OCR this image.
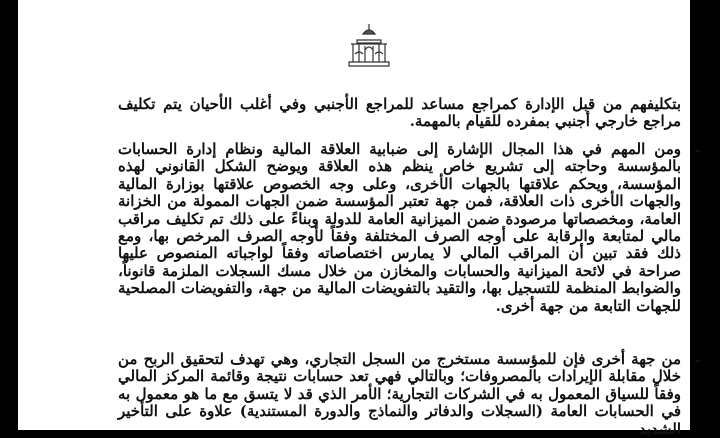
بتكليفهم من قبل الإدارة كمراجع مساعد للمراجع الأجنبي وفي أغلب الأحيان يتم تكليف مراجع خارجي أجنبي بمفرده للقيام بالمهمة.

-

ومن المهم في هذا المجال الإشارة إلى ضبابية العلاقة المالية ونظام إدارة الحسابات بالمؤسسة وحاجته إلى تشريع خاص ينظم هذه العلاقة ويوضح الشكل القانوني لهذه المؤسسة، ويحكم علاقتها بالجهات الأخرى، وعلى وجه الخصوص علاقتها بوزارة المالية والجهات الأخرى ذات العلاقة، فمن جهة تعتبر المؤسسة ضمن الجهات الممولة من الخزانة العامة، ومخصصاتها مرصودة ضمن الميزانية العامة للدولة وبناءً على ذلك تم تكليف مراقب مالي لمتابعة والرقابة على أوجه الصرف المختلفة وفقاً لأوجه الصرف المرخص بها، ومع ذلك فقد تبين أن المراقب المالي لا يمارس اختصاصاته وفقاً لواجباته المنصوص عليها صراحة في لائحة الميزانية والحسابات والمخازن من خلال مسك السجلات الملزمة قانوناً، والضوابط المنظمة للتسجيل بها، والتقيد بالتفويضات المالية من جهة، والتفويضات المصلحية للجهات التابعة من جهة أخرى.

-

من جهة أخرى فإن للمؤسسة مستخرج من السجل التجاري، وهي تهدف لتحقيق الربح من خلال مقابلة الإيرادات بالمصروفات؛ وبالتالي فهي تعد حسابات نتيجة وقائمة المركز المالي وفقاً للسياق المعمول به في الشركات التجارية؛ الأمر الذي قد لا يتسق مع ما هو معمول به في الحسابات العامة (السجلات والدفاتر والنماذج والدورة المستندية) علاوة على التأخير الشديد
